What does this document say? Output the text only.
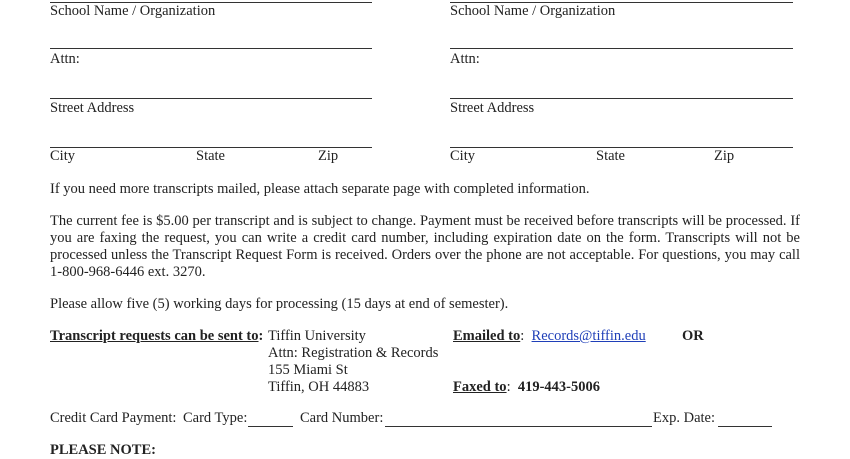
School Name / Organization
Attn:
Street Address
City	State	Zip
School Name / Organization
Attn:
Street Address
City	State	Zip
If you need more transcripts mailed, please attach separate page with completed information.
The current fee is $5.00 per transcript and is subject to change. Payment must be received before transcripts will be processed. If you are faxing the request, you can write a credit card number, including expiration date on the form. Transcripts will not be processed unless the Transcript Request Form is received. Orders over the phone are not acceptable. For questions, you may call 1-800-968-6446 ext. 3270.
Please allow five (5) working days for processing (15 days at end of semester).
Transcript requests can be sent to: Tiffin University
Attn: Registration & Records
155 Miami St
Tiffin, OH 44883
Emailed to: Records@tiffin.edu	OR
Faxed to: 419-443-5006
Credit Card Payment: Card Type:	Card Number:	Exp. Date:
PLEASE NOTE:
